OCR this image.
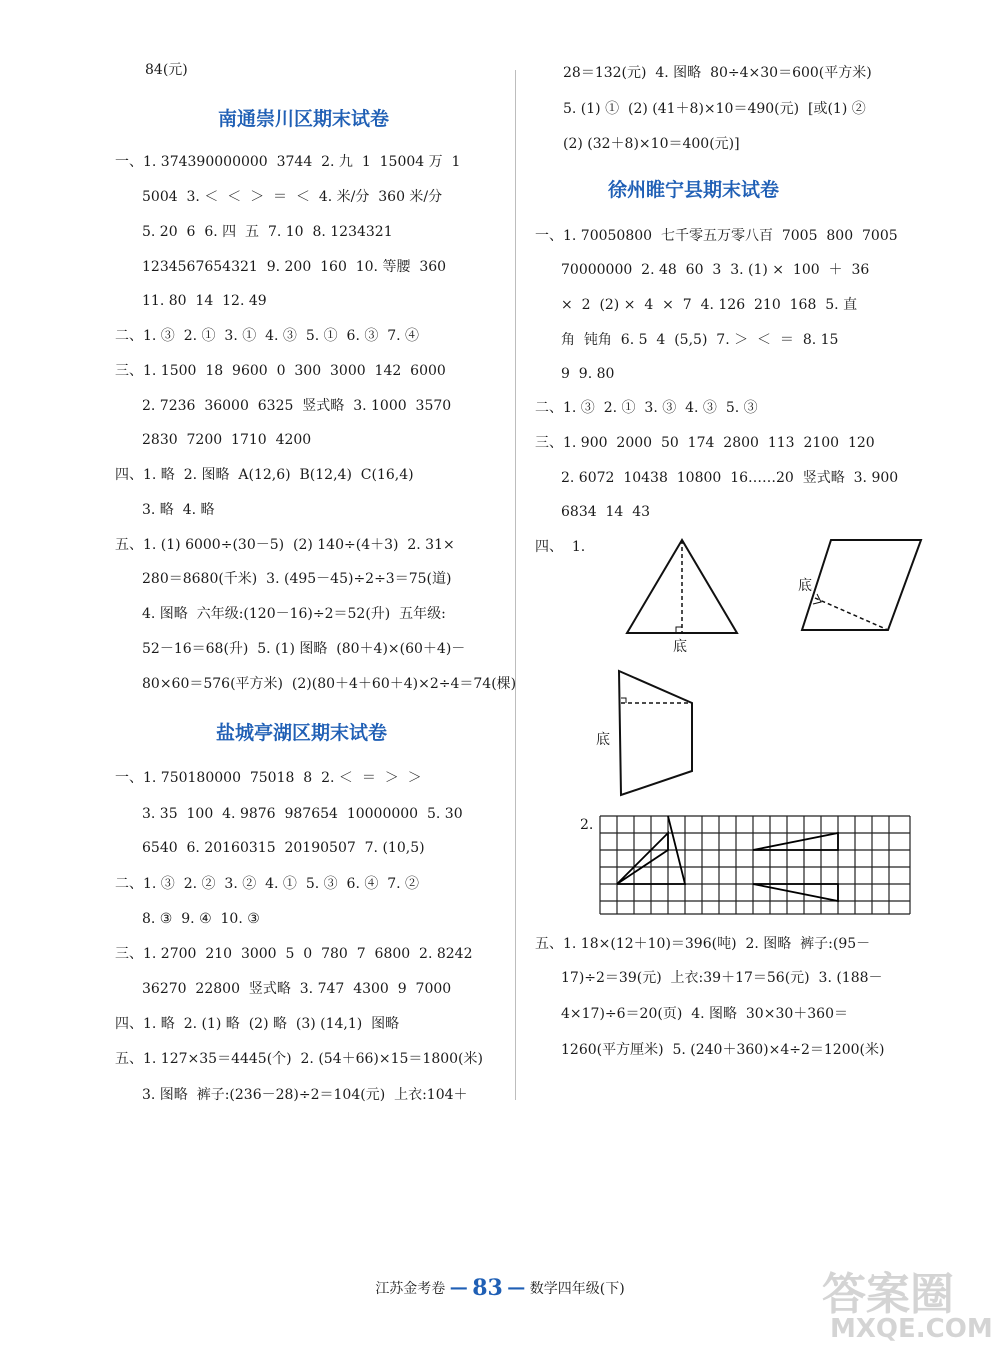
84(元)
南通崇川区期末试卷
一、1. 374390000000  3744  2. 九  1  15004 万  1
5004  3. ＜  ＜  ＞  ＝  ＜  4. 米/分  360 米/分
5. 20  6  6. 四  五  7. 10  8. 1234321
1234567654321  9. 200  160  10. 等腰  360
11. 80  14  12. 49
二、1. ③  2. ①  3. ①  4. ③  5. ①  6. ③  7. ④
三、1. 1500  18  9600  0  300  3000  142  6000
2. 7236  36000  6325  竖式略  3. 1000  3570
2830  7200  1710  4200
四、1. 略  2. 图略  A(12,6)  B(12,4)  C(16,4)
3. 略  4. 略
五、1. (1) 6000÷(30－5)  (2) 140÷(4＋3)  2. 31×
280＝8680(千米)  3. (495－45)÷2÷3＝75(道)
4. 图略  六年级:(120－16)÷2＝52(升)  五年级:
52－16＝68(升)  5. (1) 图略  (80＋4)×(60＋4)－
80×60＝576(平方米)  (2)(80＋4＋60＋4)×2÷4＝74(棵)
盐城亭湖区期末试卷
一、1. 750180000  75018  8  2. ＜  ＝  ＞  ＞
3. 35  100  4. 9876  987654  10000000  5. 30
6540  6. 20160315  20190507  7. (10,5)
二、1. ③  2. ②  3. ②  4. ①  5. ③  6. ④  7. ②
8. ③  9. ④  10. ③
三、1. 2700  210  3000  5  0  780  7  6800  2. 8242
36270  22800  竖式略  3. 747  4300  9  7000
四、1. 略  2. (1) 略  (2) 略  (3) (14,1)  图略
五、1. 127×35＝4445(个)  2. (54＋66)×15＝1800(米)
3. 图略  裤子:(236－28)÷2＝104(元)  上衣:104＋
28＝132(元)  4. 图略  80÷4×30＝600(平方米)
5. (1) ①  (2) (41＋8)×10＝490(元)  [或(1) ②
(2) (32＋8)×10＝400(元)]
徐州睢宁县期末试卷
一、1. 70050800  七千零五万零八百  7005  800  7005
70000000  2. 48  60  3  3. (1) ×  100  ＋  36
×  2  (2) ×  4  ×  7  4. 126  210  168  5. 直
角  钝角  6. 5  4  (5,5)  7. ＞  ＜  ＝  8. 15
9  9. 80
二、1. ③  2. ①  3. ③  4. ③  5. ③
三、1. 900  2000  50  174  2800  113  2100  120
2. 6072  10438  10800  16……20  竖式略  3. 900
6834  14  43
四、  1.
底
底
底
2.
五、1. 18×(12＋10)＝396(吨)  2. 图略  裤子:(95－
17)÷2＝39(元)  上衣:39＋17＝56(元)  3. (188－
4×17)÷6＝20(页)  4. 图略  30×30＋360＝
1260(平方厘米)  5. (240＋360)×4÷2＝1200(米)
江苏金考卷 — 83 — 数学四年级(下)	答案圈
MXQE.COM
